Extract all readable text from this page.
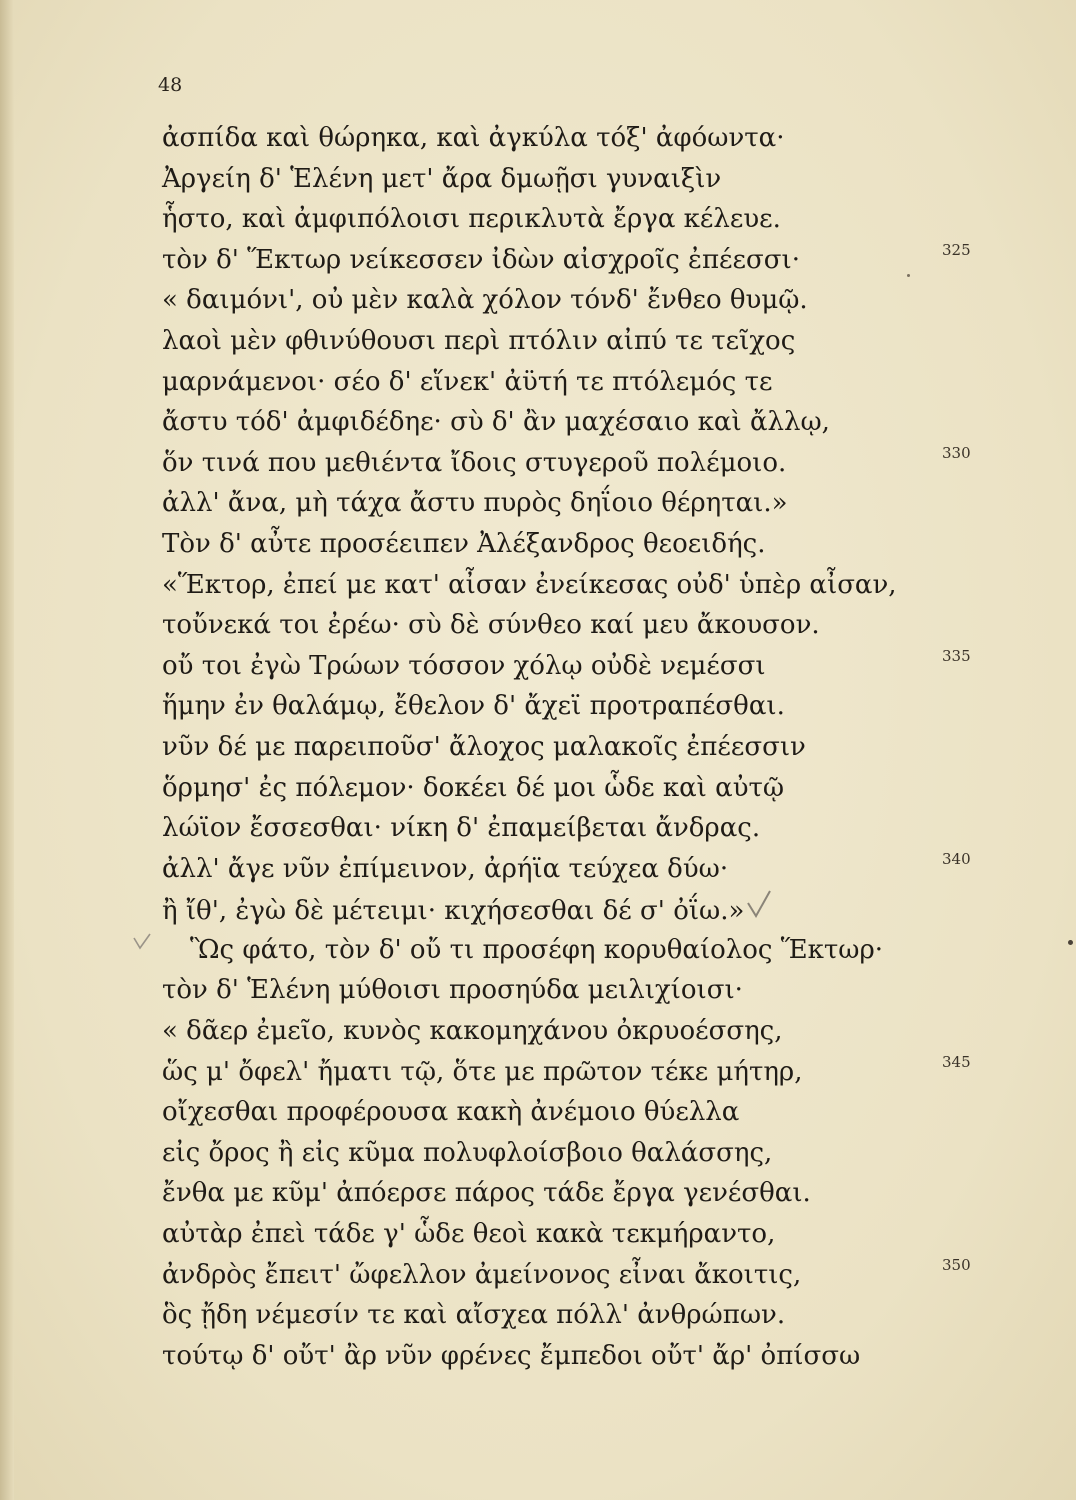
48
ἀσπίδα καὶ θώρηκα, καὶ ἀγκύλα τόξ' ἀφόωντα·
Ἀργείη δ' Ἑλένη μετ' ἄρα δμωῇσι γυναιξὶν
ἧστο, καὶ ἀμφιπόλοισι περικλυτὰ ἔργα κέλευε.
τὸν δ' Ἕκτωρ νείκεσσεν ἰδὼν αἰσχροῖς ἐπέεσσι·	325
« δαιμόνι', οὐ μὲν καλὰ χόλον τόνδ' ἔνθεο θυμῷ.
λαοὶ μὲν φθινύθουσι περὶ πτόλιν αἰπύ τε τεῖχος
μαρνάμενοι· σέο δ' εἵνεκ' ἀϋτή τε πτόλεμός τε
ἄστυ τόδ' ἀμφιδέδηε· σὺ δ' ἂν μαχέσαιο καὶ ἄλλῳ,
ὅν τινά που μεθιέντα ἴδοις στυγεροῦ πολέμοιο.	330
ἀλλ' ἄνα, μὴ τάχα ἄστυ πυρὸς δηΐοιο θέρηται.»
Τὸν δ' αὖτε προσέειπεν Ἀλέξανδρος θεοειδής.
«Ἕκτορ, ἐπεί με κατ' αἶσαν ἐνείκεσας οὐδ' ὑπὲρ αἶσαν,
τοὔνεκά τοι ἐρέω· σὺ δὲ σύνθεο καί μευ ἄκουσον.
οὔ τοι ἐγὼ Τρώων τόσσον χόλῳ οὐδὲ νεμέσσι	335
ἥμην ἐν θαλάμῳ, ἔθελον δ' ἄχεϊ προτραπέσθαι.
νῦν δέ με παρειποῦσ' ἄλοχος μαλακοῖς ἐπέεσσιν
ὅρμησ' ἐς πόλεμον· δοκέει δέ μοι ὧδε καὶ αὐτῷ
λώϊον ἔσσεσθαι· νίκη δ' ἐπαμείβεται ἄνδρας.
ἀλλ' ἄγε νῦν ἐπίμεινον, ἀρήϊα τεύχεα δύω·	340
ἢ ἴθ', ἐγὼ δὲ μέτειμι· κιχήσεσθαι δέ σ' ὀΐω.»
Ὣς φάτο, τὸν δ' οὔ τι προσέφη κορυθαίολος Ἕκτωρ·
τὸν δ' Ἑλένη μύθοισι προσηύδα μειλιχίοισι·
« δᾶερ ἐμεῖο, κυνὸς κακομηχάνου ὀκρυοέσσης,
ὥς μ' ὄφελ' ἤματι τῷ, ὅτε με πρῶτον τέκε μήτηρ,	345
οἴχεσθαι προφέρουσα κακὴ ἀνέμοιο θύελλα
εἰς ὄρος ἢ εἰς κῦμα πολυφλοίσβοιο θαλάσσης,
ἔνθα με κῦμ' ἀπόερσε πάρος τάδε ἔργα γενέσθαι.
αὐτὰρ ἐπεὶ τάδε γ' ὧδε θεοὶ κακὰ τεκμήραντο,
ἀνδρὸς ἔπειτ' ὤφελλον ἀμείνονος εἶναι ἄκοιτις,	350
ὃς ᾔδη νέμεσίν τε καὶ αἴσχεα πόλλ' ἀνθρώπων.
τούτῳ δ' οὔτ' ἂρ νῦν φρένες ἔμπεδοι οὔτ' ἄρ' ὀπίσσω
